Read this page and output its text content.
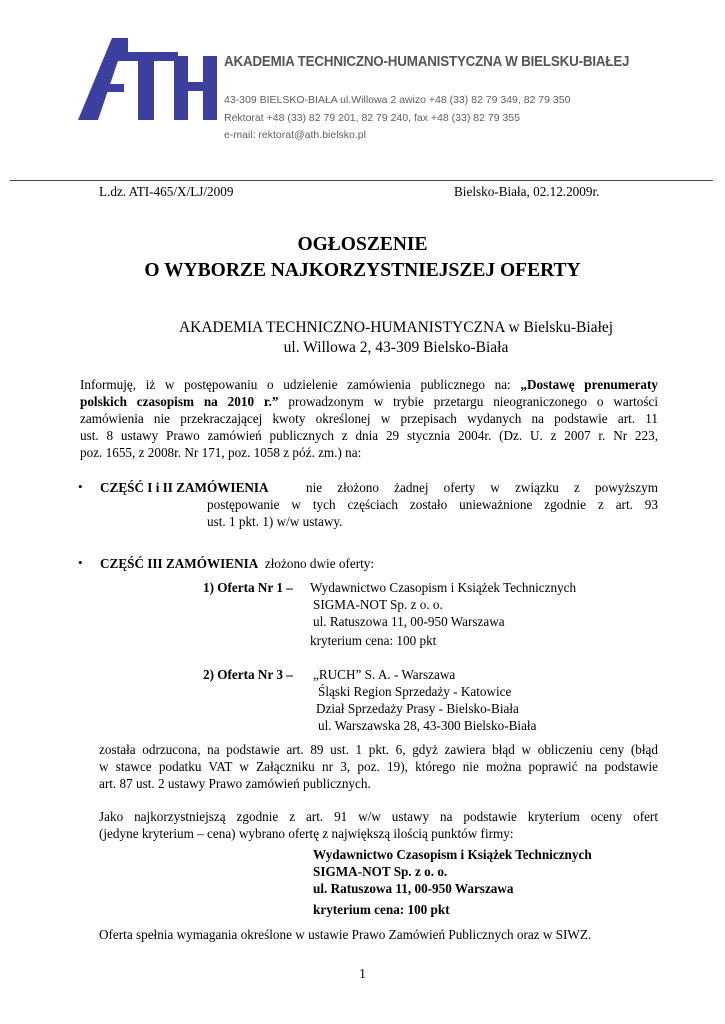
AKADEMIA TECHNICZNO-HUMANISTYCZNA W BIELSKU-BIAŁEJ
43-309 BIELSKO-BIAŁA ul.Willowa 2 awizo +48 (33) 82 79 349, 82 79 350
Rektorat +48 (33) 82 79 201, 82 79 240, fax +48 (33) 82 79 355
e-mail: rektorat@ath.bielsko.pl
L.dz. ATI-465/X/LJ/2009	Bielsko-Biała, 02.12.2009r.
OGŁOSZENIE
O WYBORZE NAJKORZYSTNIEJSZEJ OFERTY
AKADEMIA TECHNICZNO-HUMANISTYCZNA w Bielsku-Białej
ul. Willowa 2, 43-309 Bielsko-Biała
Informuję, iż w postępowaniu o udzielenie zamówienia publicznego na: „Dostawę prenumeraty
polskich czasopism na 2010 r.” prowadzonym w trybie przetargu nieograniczonego o wartości
zamówienia nie przekraczającej kwoty określonej w przepisach wydanych na podstawie art. 11
ust. 8 ustawy Prawo zamówień publicznych z dnia 29 stycznia 2004r. (Dz. U. z 2007 r. Nr 223,
poz. 1655, z 2008r. Nr 171, poz. 1058 z póź. zm.) na:
• CZĘŚĆ I i II ZAMÓWIENIA	nie złożono żadnej oferty w związku z powyższym
postępowanie w tych częściach zostało unieważnione zgodnie z art. 93
ust. 1 pkt. 1) w/w ustawy.
• CZĘŚĆ III ZAMÓWIENIA złożono dwie oferty:
1) Oferta Nr 1 – Wydawnictwo Czasopism i Książek Technicznych
SIGMA-NOT Sp. z o. o.
ul. Ratuszowa 11, 00-950 Warszawa
kryterium cena: 100 pkt
2) Oferta Nr 3 – „RUCH” S. A. - Warszawa
Śląski Region Sprzedaży - Katowice
Dział Sprzedaży Prasy - Bielsko-Biała
ul. Warszawska 28, 43-300 Bielsko-Biała
została odrzucona, na podstawie art. 89 ust. 1 pkt. 6, gdyż zawiera błąd w obliczeniu ceny (błąd
w stawce podatku VAT w Załączniku nr 3, poz. 19), którego nie można poprawić na podstawie
art. 87 ust. 2 ustawy Prawo zamówień publicznych.
Jako najkorzystniejszą zgodnie z art. 91 w/w ustawy na podstawie kryterium oceny ofert
(jedyne kryterium – cena) wybrano ofertę z największą ilością punktów firmy:
Wydawnictwo Czasopism i Książek Technicznych
SIGMA-NOT Sp. z o. o.
ul. Ratuszowa 11, 00-950 Warszawa
kryterium cena: 100 pkt
Oferta spełnia wymagania określone w ustawie Prawo Zamówień Publicznych oraz w SIWZ.
1
